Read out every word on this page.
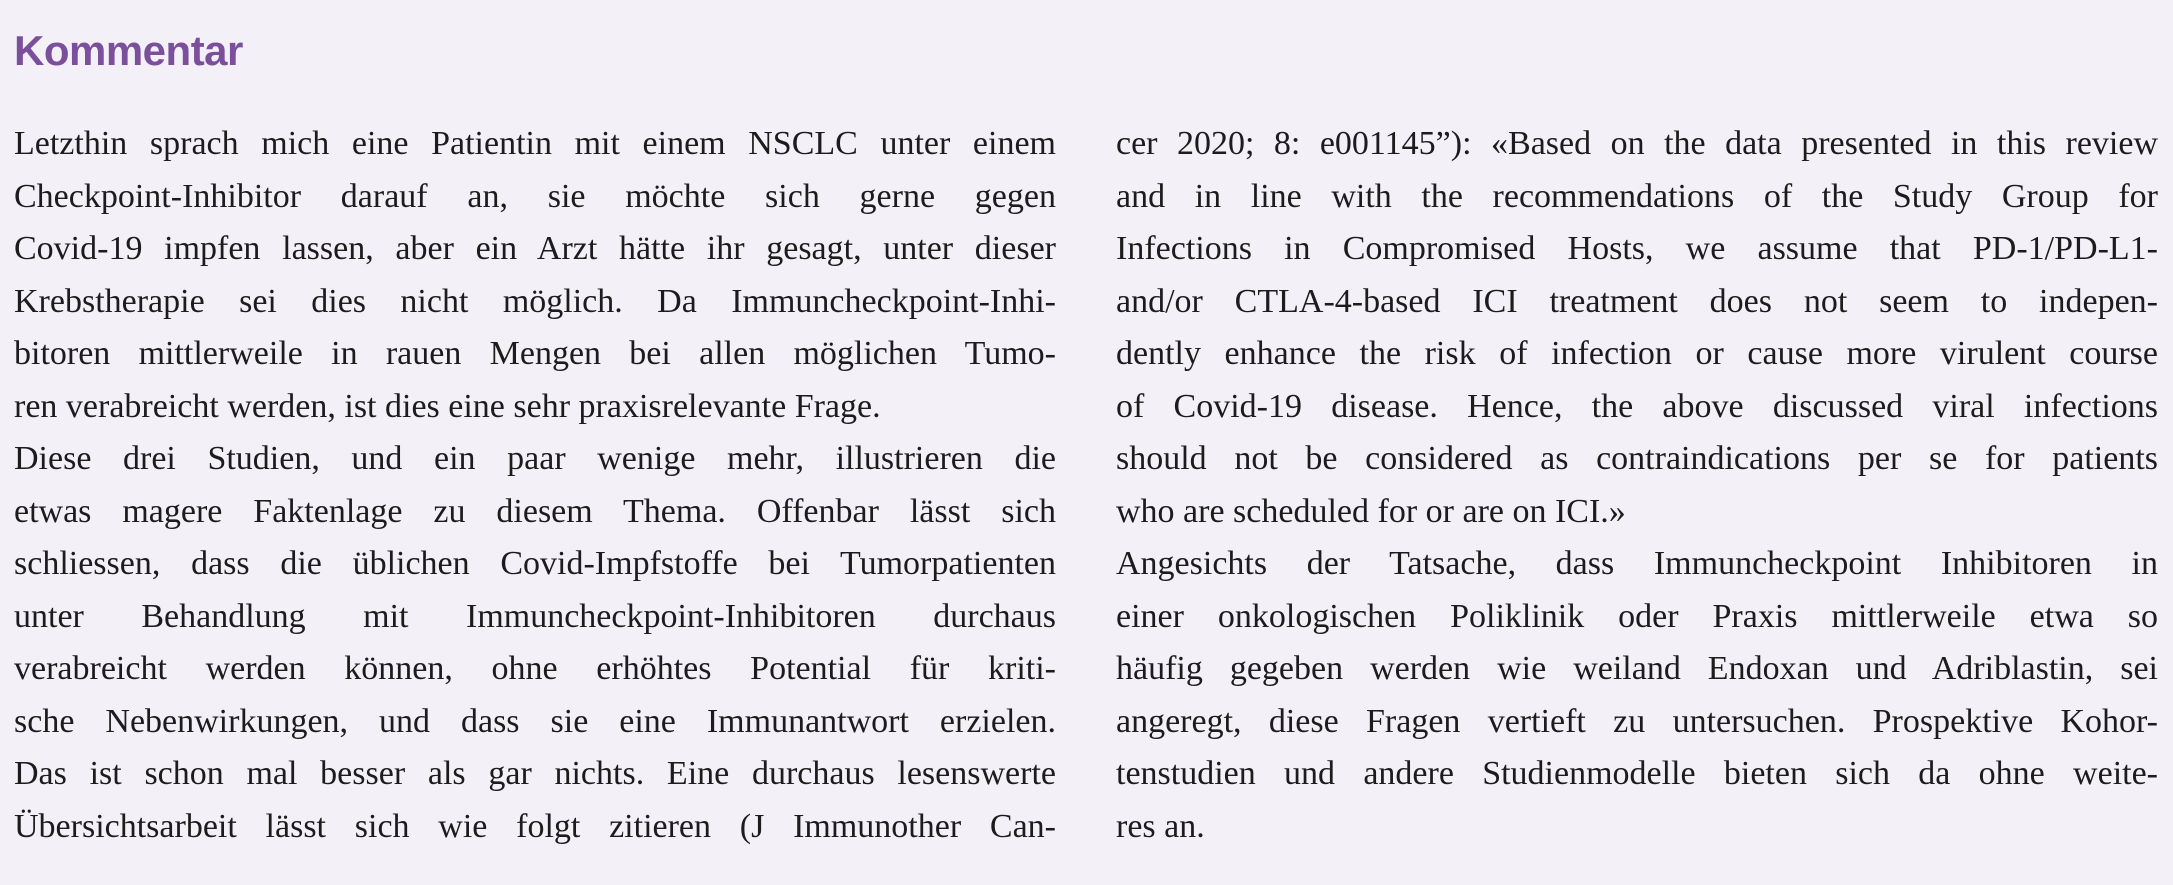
Kommentar
Letzthin sprach mich eine Patientin mit einem NSCLC unter einem
Checkpoint-Inhibitor darauf an, sie möchte sich gerne gegen
Covid-19 impfen lassen, aber ein Arzt hätte ihr gesagt, unter dieser
Krebstherapie sei dies nicht möglich. Da Immuncheckpoint-Inhi-
bitoren mittlerweile in rauen Mengen bei allen möglichen Tumo-
ren verabreicht werden, ist dies eine sehr praxisrelevante Frage.
Diese drei Studien, und ein paar wenige mehr, illustrieren die
etwas magere Faktenlage zu diesem Thema. Offenbar lässt sich
schliessen, dass die üblichen Covid-Impfstoffe bei Tumorpatienten
unter Behandlung mit Immuncheckpoint-Inhibitoren durchaus
verabreicht werden können, ohne erhöhtes Potential für kriti-
sche Nebenwirkungen, und dass sie eine Immunantwort erzielen.
Das ist schon mal besser als gar nichts. Eine durchaus lesenswerte
Übersichtsarbeit lässt sich wie folgt zitieren (J Immunother Can-
cer 2020; 8: e001145”): «Based on the data presented in this review
and in line with the recommendations of the Study Group for
Infections in Compromised Hosts, we assume that PD-1/PD-L1-
and/or CTLA-4-based ICI treatment does not seem to indepen-
dently enhance the risk of infection or cause more virulent course
of Covid-19 disease. Hence, the above discussed viral infections
should not be considered as contraindications per se for patients
who are scheduled for or are on ICI.»
Angesichts der Tatsache, dass Immuncheckpoint Inhibitoren in
einer onkologischen Poliklinik oder Praxis mittlerweile etwa so
häufig gegeben werden wie weiland Endoxan und Adriblastin, sei
angeregt, diese Fragen vertieft zu untersuchen. Prospektive Kohor-
tenstudien und andere Studienmodelle bieten sich da ohne weite-
res an.
